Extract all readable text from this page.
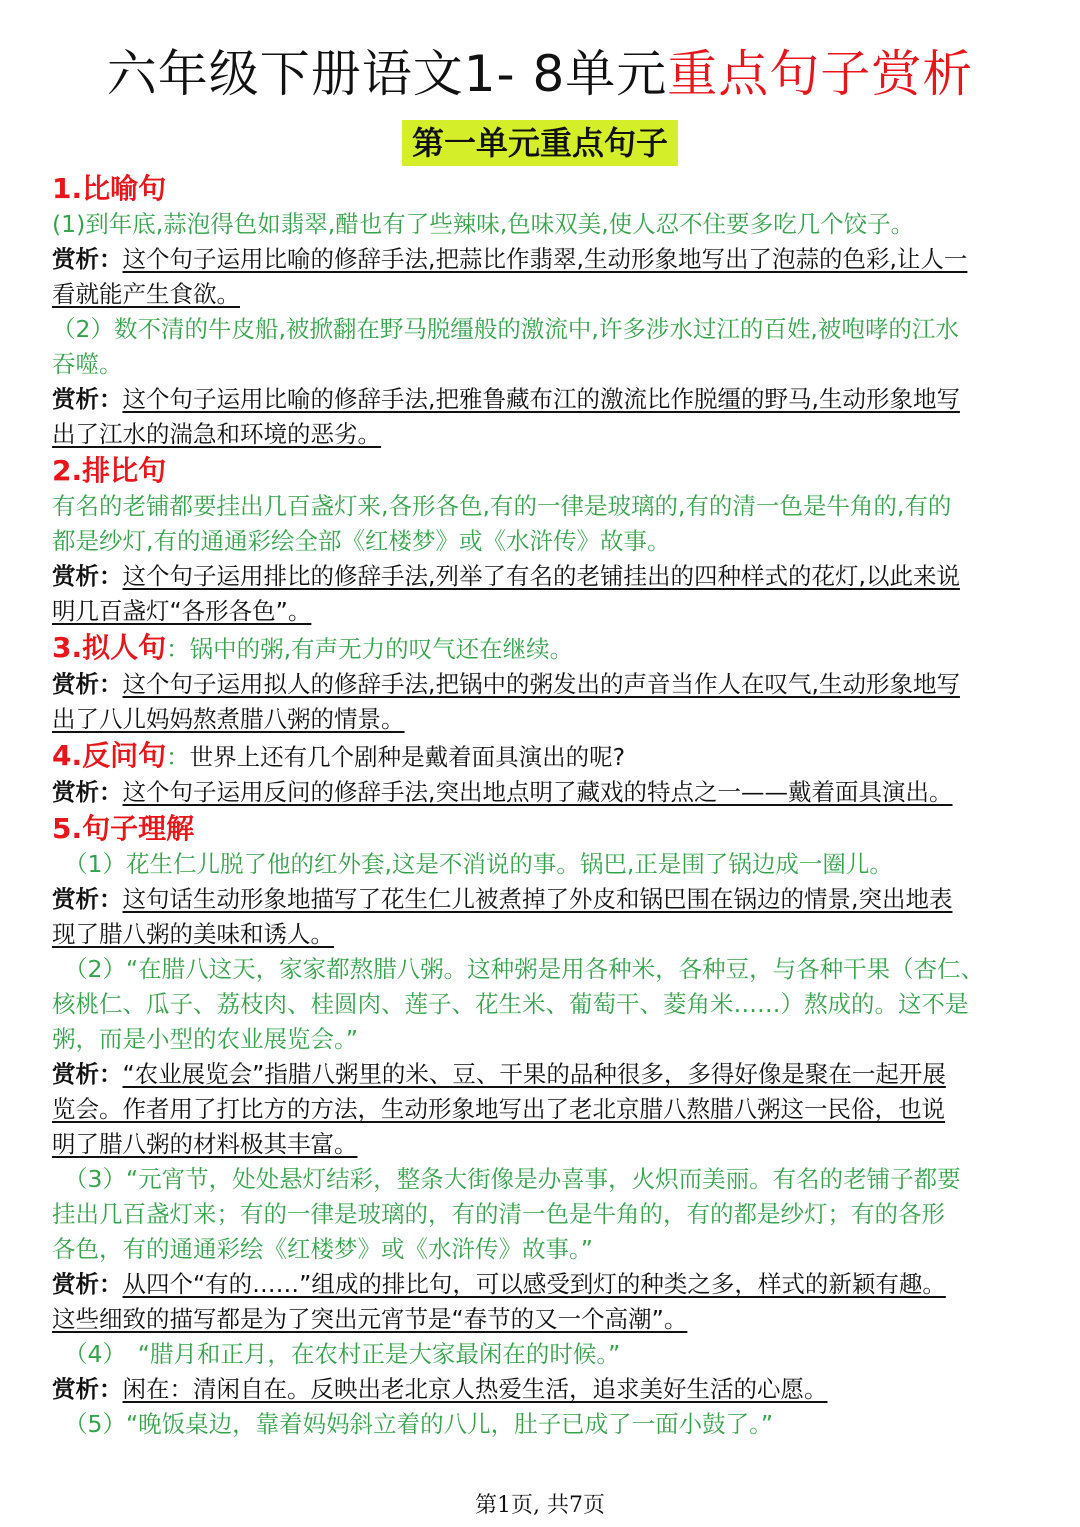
六年级下册语文1- 8单元重点句子赏析
第一单元重点句子
1.比喻句
(1)到年底,蒜泡得色如翡翠,醋也有了些辣味,色味双美,使人忍不住要多吃几个饺子。
赏析：这个句子运用比喻的修辞手法,把蒜比作翡翠,生动形象地写出了泡蒜的色彩,让人一
看就能产生食欲。
（2）数不清的牛皮船,被掀翻在野马脱缰般的激流中,许多涉水过江的百姓,被咆哮的江水
吞噬。
赏析：这个句子运用比喻的修辞手法,把雅鲁藏布江的激流比作脱缰的野马,生动形象地写
出了江水的湍急和环境的恶劣。
2.排比句
有名的老铺都要挂出几百盏灯来,各形各色,有的一律是玻璃的,有的清一色是牛角的,有的
都是纱灯,有的通通彩绘全部《红楼梦》或《水浒传》故事。
赏析：这个句子运用排比的修辞手法,列举了有名的老铺挂出的四种样式的花灯,以此来说
明几百盏灯“各形各色”。
3.拟人句：锅中的粥,有声无力的叹气还在继续。
赏析：这个句子运用拟人的修辞手法,把锅中的粥发出的声音当作人在叹气,生动形象地写
出了八儿妈妈熬煮腊八粥的情景。
4.反问句：世界上还有几个剧种是戴着面具演出的呢?
赏析：这个句子运用反问的修辞手法,突出地点明了藏戏的特点之一——戴着面具演出。
5.句子理解
（1）花生仁儿脱了他的红外套,这是不消说的事。锅巴,正是围了锅边成一圈儿。
赏析：这句话生动形象地描写了花生仁儿被煮掉了外皮和锅巴围在锅边的情景,突出地表
现了腊八粥的美味和诱人。
（2）“在腊八这天，家家都熬腊八粥。这种粥是用各种米，各种豆，与各种干果（杏仁、
核桃仁、瓜子、荔枝肉、桂圆肉、莲子、花生米、葡萄干、菱角米……）熬成的。这不是
粥，而是小型的农业展览会。”
赏析：“农业展览会”指腊八粥里的米、豆、干果的品种很多，多得好像是聚在一起开展
览会。作者用了打比方的方法，生动形象地写出了老北京腊八熬腊八粥这一民俗，也说
明了腊八粥的材料极其丰富。
（3）“元宵节，处处悬灯结彩，整条大街像是办喜事，火炽而美丽。有名的老铺子都要
挂出几百盏灯来；有的一律是玻璃的，有的清一色是牛角的，有的都是纱灯；有的各形
各色，有的通通彩绘《红楼梦》或《水浒传》故事。”
赏析：从四个“有的……”组成的排比句，可以感受到灯的种类之多，样式的新颖有趣。
这些细致的描写都是为了突出元宵节是“春节的又一个高潮”。
（4）　“腊月和正月，在农村正是大家最闲在的时候。”
赏析：闲在：清闲自在。反映出老北京人热爱生活，追求美好生活的心愿。
（5）“晚饭桌边，靠着妈妈斜立着的八儿，肚子已成了一面小鼓了。”
第1页, 共7页
